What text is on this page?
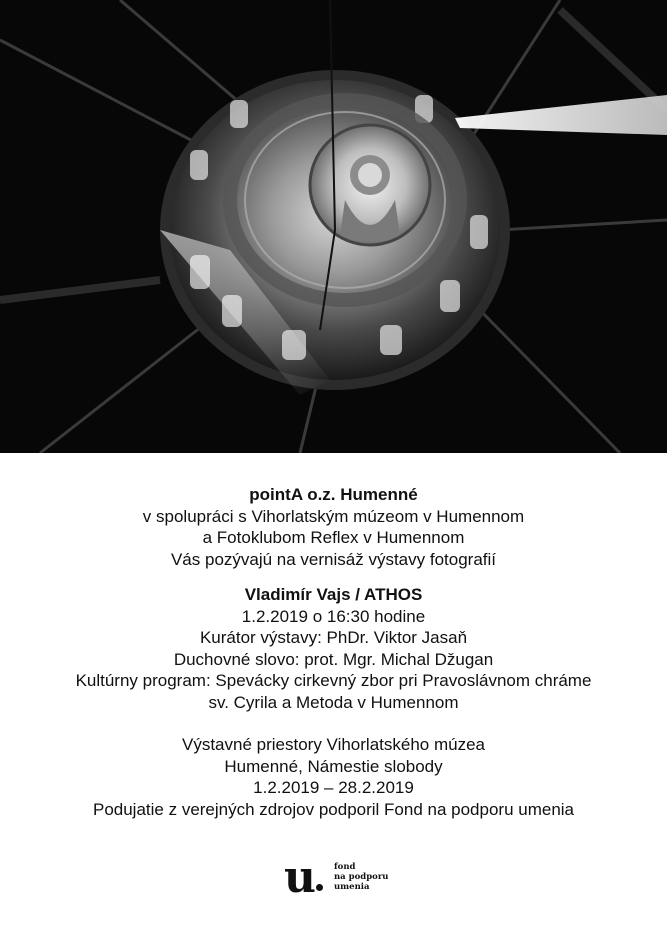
pointA o.z. Humenné
v spolupráci s Vihorlatským múzeom v Humennom
a Fotoklubom Reflex v Humennom
Vás pozývajú na vernisáž výstavy fotografií
Vladimír Vajs / ATHOS
1.2.2019 o 16:30 hodine
Kurátor výstavy: PhDr. Viktor Jasaň
Duchovné slovo: prot. Mgr. Michal Džugan
Kultúrny program: Spevácky cirkevný zbor pri Pravoslávnom chráme
sv. Cyrila a Metoda v Humennom
Výstavné priestory Vihorlatského múzea
Humenné, Námestie slobody
1.2.2019 – 28.2.2019
Podujatie z verejných zdrojov podporil Fond na podporu umenia
u fond
na podporu
umenia
